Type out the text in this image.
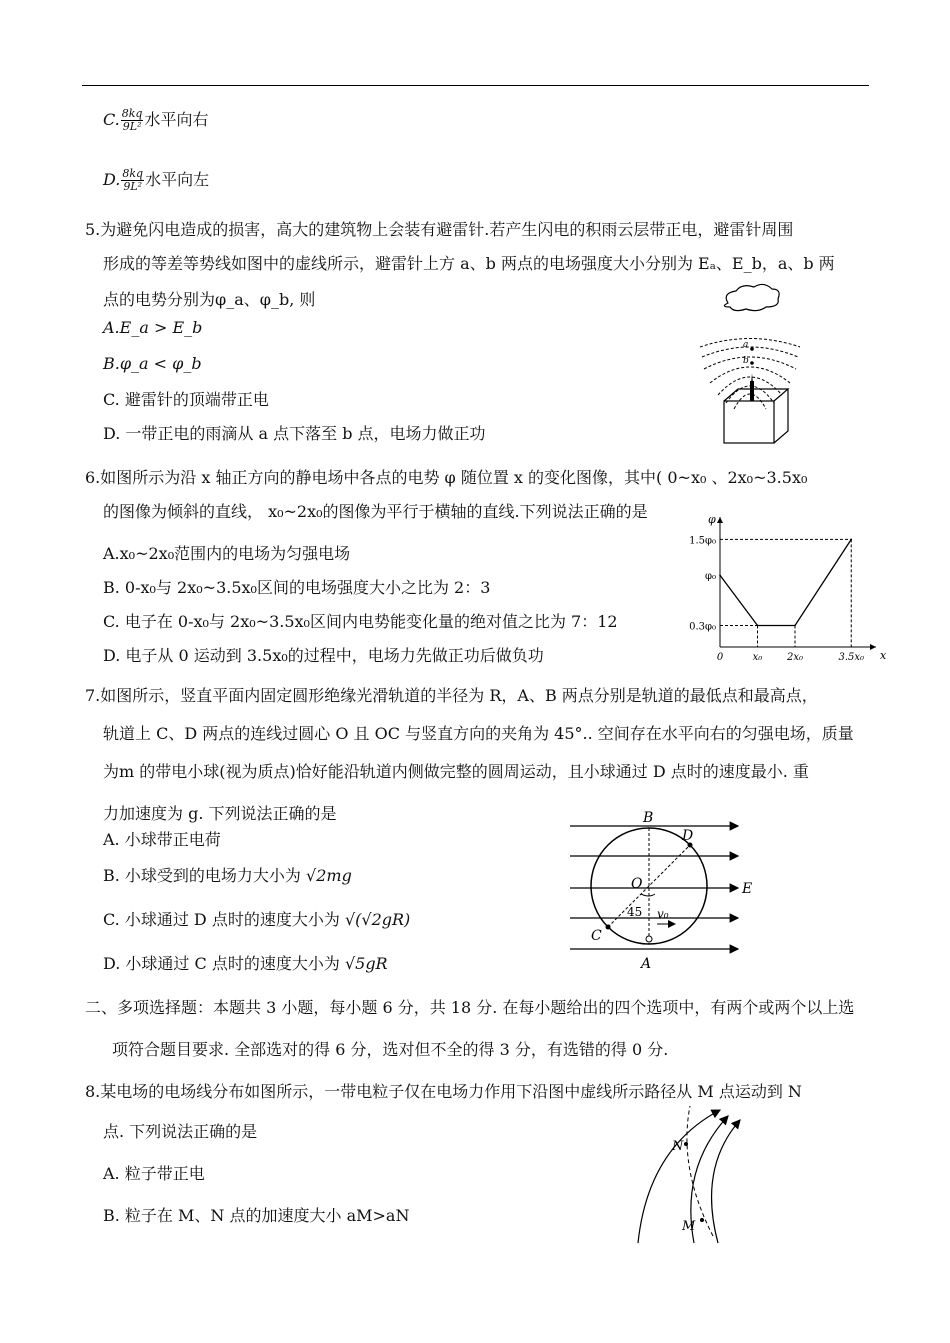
C. $\frac{8kq}{\text{9L²}}$ 水平向右
D. $\frac{8kq}{\text{9L²}}$ 水平向左
5.为避免闪电造成的损害，高大的建筑物上会装有避雷针.若产生闪电的积雨云层带正电，避雷针周围
形成的等差等势线如图中的虚线所示，避雷针上方 a、b 两点的电场强度大小分别为 Eₐ、E_b，a、b 两
点的电势分别为φ_a、φ_b, 则
A.E_a > E_b
B.φ_a < φ_b
C. 避雷针的顶端带正电
D. 一带正电的雨滴从 a 点下落至 b 点，电场力做正功
a
b
6.如图所示为沿 x 轴正方向的静电场中各点的电势 φ 随位置 x 的变化图像，其中( 0~x₀ 、2x₀~3.5x₀
的图像为倾斜的直线， x₀~2x₀的图像为平行于横轴的直线.下列说法正确的是
A.x₀~2x₀范围内的电场为匀强电场
B. 0-x₀与 2x₀~3.5x₀区间的电场强度大小之比为 2：3
C. 电子在 0-x₀与 2x₀~3.5x₀区间内电势能变化量的绝对值之比为 7：12
D. 电子从 0 运动到 3.5x₀的过程中，电场力先做正功后做负功
0.3φ₀
φ₀
1.5φ₀
0	x₀ 2x₀	3.5x₀ x
φ
7.如图所示，竖直平面内固定圆形绝缘光滑轨道的半径为 R，A、B 两点分别是轨道的最低点和最高点，
轨道上 C、D 两点的连线过圆心 O 且 OC 与竖直方向的夹角为 45°.. 空间存在水平向右的匀强电场，质量
为m 的带电小球(视为质点)恰好能沿轨道内侧做完整的圆周运动，且小球通过 D 点时的速度最小. 重
力加速度为 g. 下列说法正确的是
A. 小球带正电荷
B. 小球受到的电场力大小为 √2mg
C. 小球通过 D 点时的速度大小为 √(√2gR)
D. 小球通过 C 点时的速度大小为 √5gR
B
D
O	E
C
A
45 v₀
二、多项选择题：本题共 3 小题，每小题 6 分，共 18 分. 在每小题给出的四个选项中，有两个或两个以上选
项符合题目要求. 全部选对的得 6 分，选对但不全的得 3 分，有选错的得 0 分.
8.某电场的电场线分布如图所示，一带电粒子仅在电场力作用下沿图中虚线所示路径从 M 点运动到 N
点. 下列说法正确的是
A. 粒子带正电
B. 粒子在 M、N 点的加速度大小 aM>aN
N
M
